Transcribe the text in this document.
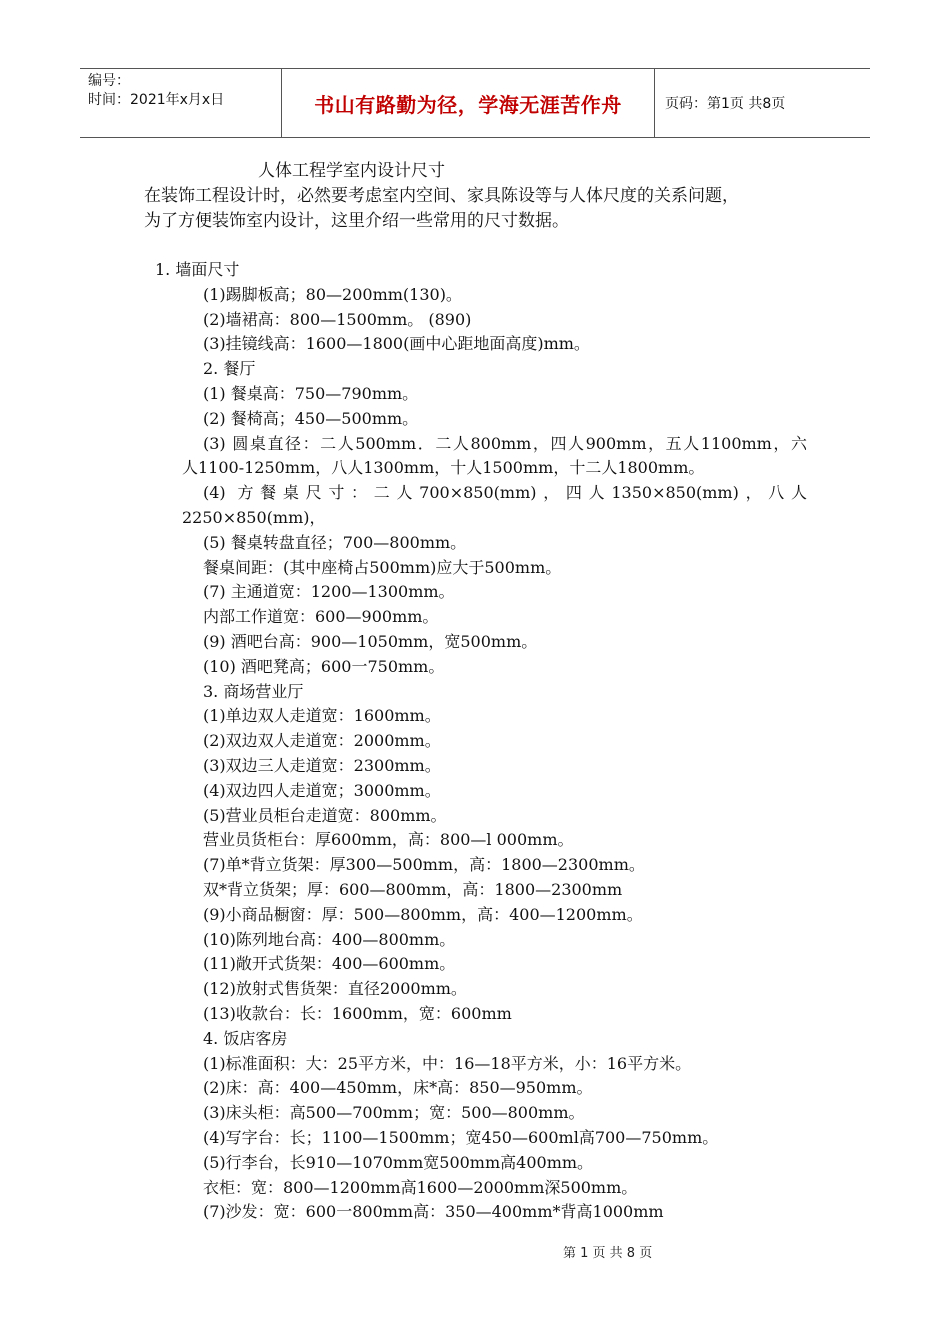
编号：
时间：2021年x月x日	书山有路勤为径，学海无涯苦作舟	页码：第1页 共8页
人体工程学室内设计尺寸

在装饰工程设计时，必然要考虑室内空间、家具陈设等与人体尺度的关系问题，

为了方便装饰室内设计，这里介绍一些常用的尺寸数据。

1. 墙面尺寸
(1)踢脚板高；80—200mm(130)。
(2)墙裙高：800—1500mm。 (890)
(3)挂镜线高：1600—1800(画中心距地面高度)mm。
2. 餐厅
(1) 餐桌高：750—790mm。
(2) 餐椅高；450—500mm。
(3) 圆桌直径：二人500mm．二人800mm，四人900mm，五人1100mm，六
人1100-1250mm，八人1300mm，十人1500mm，十二人1800mm。
(4) 方餐桌尺寸：二人700×850(mm)，四人1350×850(mm)，八人
2250×850(mm)，
(5) 餐桌转盘直径；700—800mm。
餐桌间距：(其中座椅占500mm)应大于500mm。
(7) 主通道宽：1200—1300mm。
内部工作道宽：600—900mm。
(9) 酒吧台高：900—1050mm，宽500mm。
(10) 酒吧凳高；600一750mm。
3. 商场营业厅
(1)单边双人走道宽：1600mm。
(2)双边双人走道宽：2000mm。
(3)双边三人走道宽：2300mm。
(4)双边四人走道宽；3000mm。
(5)营业员柜台走道宽：800mm。
营业员货柜台：厚600mm，高：800—l 000mm。
(7)单*背立货架：厚300—500mm，高：1800—2300mm。
双*背立货架；厚：600—800mm，高：1800—2300mm
(9)小商品橱窗：厚：500—800mm，高：400—1200mm。
(10)陈列地台高：400—800mm。
(11)敞开式货架：400—600mm。
(12)放射式售货架：直径2000mm。
(13)收款台：长：1600mm，宽：600mm
4. 饭店客房
(1)标准面积：大：25平方米，中：16—18平方米，小：16平方米。
(2)床：高：400—450mm，床*高：850—950mm。
(3)床头柜：高500—700mm；宽：500—800mm。
(4)写字台：长；1100—1500mm；宽450—600ml高700—750mm。
(5)行李台，长910—1070mm宽500mm高400mm。
衣柜：宽：800—1200mm高1600—2000mm深500mm。
(7)沙发：宽：600一800mm高：350—400mm*背高1000mm
第 1 页 共 8 页
